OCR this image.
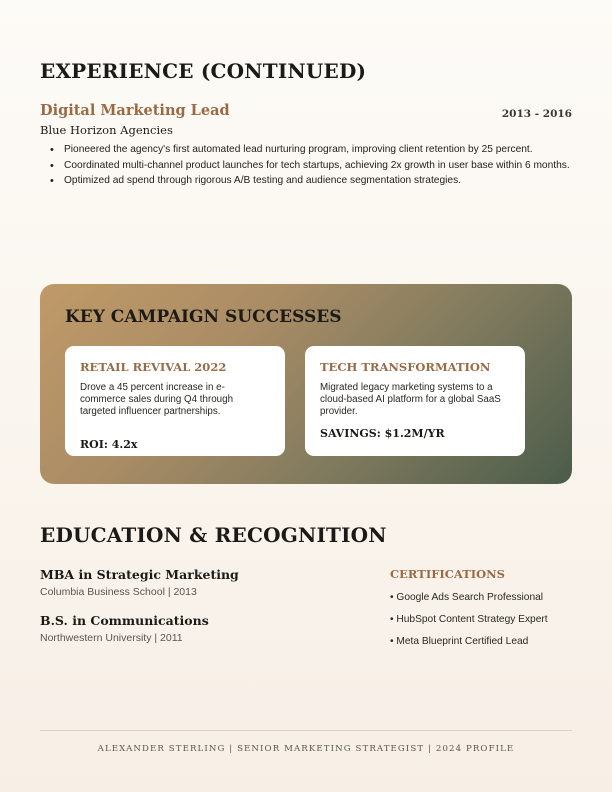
EXPERIENCE (CONTINUED)
Digital Marketing Lead	2013 - 2016
Blue Horizon Agencies
• Pioneered the agency's first automated lead nurturing program, improving client retention by 25 percent.
• Coordinated multi-channel product launches for tech startups, achieving 2x growth in user base within 6 months.
• Optimized ad spend through rigorous A/B testing and audience segmentation strategies.
KEY CAMPAIGN SUCCESSES
RETAIL REVIVAL 2022

Drove a 45 percent increase in e-commerce sales during Q4 through targeted influencer partnerships.

ROI: 4.2x
TECH TRANSFORMATION

Migrated legacy marketing systems to a cloud-based AI platform for a global SaaS provider.

SAVINGS: $1.2M/YR
EDUCATION & RECOGNITION
MBA in Strategic Marketing
Columbia Business School | 2013
B.S. in Communications
Northwestern University | 2011
CERTIFICATIONS
• Google Ads Search Professional
• HubSpot Content Strategy Expert
• Meta Blueprint Certified Lead
ALEXANDER STERLING | SENIOR MARKETING STRATEGIST | 2024 PROFILE
